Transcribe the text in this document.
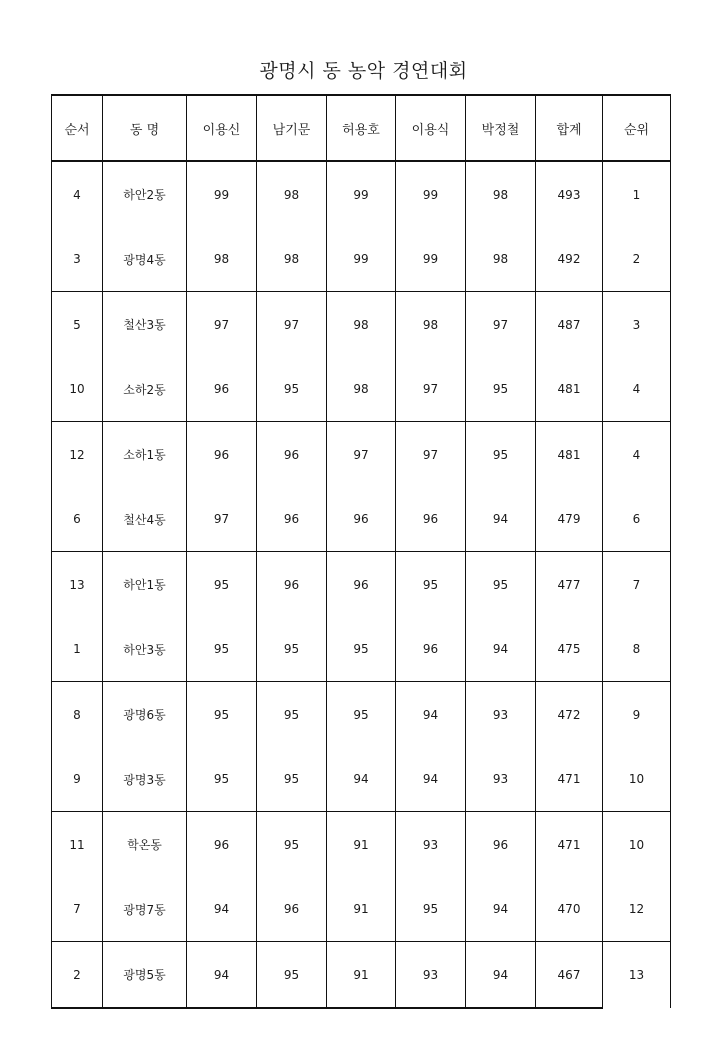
광명시 동 농악 경연대회
순서	동 명	이용신	남기문	허용호	이용식	박정철	합계	순위
4	하안2동	99	98	99	99	98	493	1
3	광명4동	98	98	99	99	98	492	2
5	철산3동	97	97	98	98	97	487	3
10	소하2동	96	95	98	97	95	481	4
12	소하1동	96	96	97	97	95	481	4
6	철산4동	97	96	96	96	94	479	6
13	하안1동	95	96	96	95	95	477	7
1	하안3동	95	95	95	96	94	475	8
8	광명6동	95	95	95	94	93	472	9
9	광명3동	95	95	94	94	93	471	10
11	학온동	96	95	91	93	96	471	10
7	광명7동	94	96	91	95	94	470	12
2	광명5동	94	95	91	93	94	467	13
